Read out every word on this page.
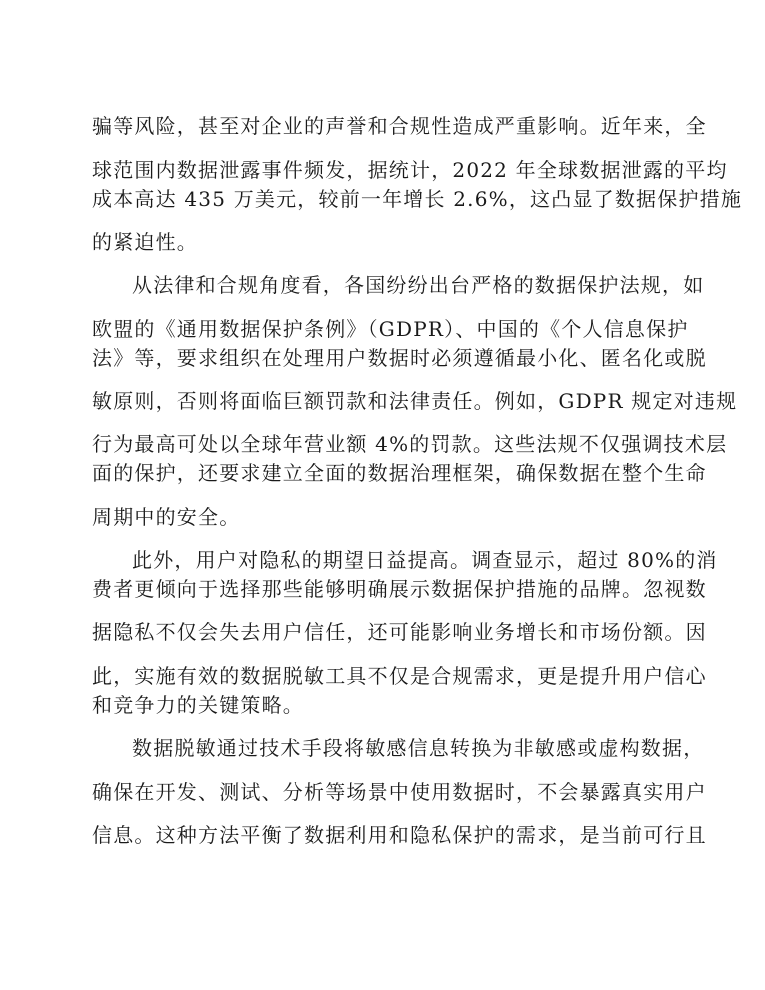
骗等风险，甚至对企业的声誉和合规性造成严重影响。近年来，全
球范围内数据泄露事件频发，据统计，2022 年全球数据泄露的平均
成本高达 435 万美元，较前一年增长 2.6%，这凸显了数据保护措施
的紧迫性。
从法律和合规角度看，各国纷纷出台严格的数据保护法规，如
欧盟的《通用数据保护条例》（GDPR）、中国的《个人信息保护
法》等，要求组织在处理用户数据时必须遵循最小化、匿名化或脱
敏原则，否则将面临巨额罚款和法律责任。例如，GDPR 规定对违规
行为最高可处以全球年营业额 4%的罚款。这些法规不仅强调技术层
面的保护，还要求建立全面的数据治理框架，确保数据在整个生命
周期中的安全。
此外，用户对隐私的期望日益提高。调查显示，超过 80%的消
费者更倾向于选择那些能够明确展示数据保护措施的品牌。忽视数
据隐私不仅会失去用户信任，还可能影响业务增长和市场份额。因
此，实施有效的数据脱敏工具不仅是合规需求，更是提升用户信心
和竞争力的关键策略。
数据脱敏通过技术手段将敏感信息转换为非敏感或虚构数据，
确保在开发、测试、分析等场景中使用数据时，不会暴露真实用户
信息。这种方法平衡了数据利用和隐私保护的需求，是当前可行且
